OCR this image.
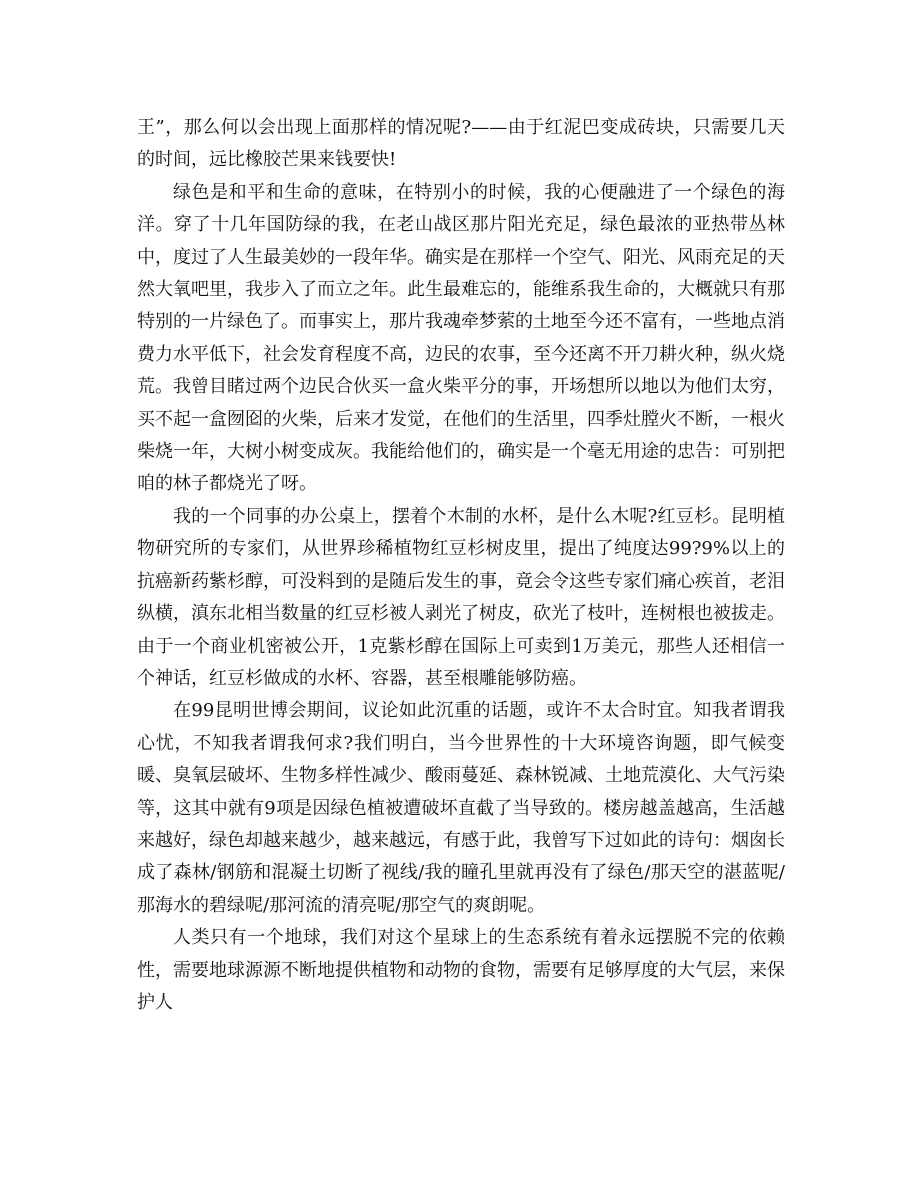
王”，那么何以会出现上面那样的情况呢?——由于红泥巴变成砖块，只需要几天的时间，远比橡胶芒果来钱要快!

绿色是和平和生命的意味，在特别小的时候，我的心便融进了一个绿色的海洋。穿了十几年国防绿的我，在老山战区那片阳光充足，绿色最浓的亚热带丛林中，度过了人生最美妙的一段年华。确实是在那样一个空气、阳光、风雨充足的天然大氧吧里，我步入了而立之年。此生最难忘的，能维系我生命的，大概就只有那特别的一片绿色了。而事实上，那片我魂牵梦萦的土地至今还不富有，一些地点消费力水平低下，社会发育程度不高，边民的农事，至今还离不开刀耕火种，纵火烧荒。我曾目睹过两个边民合伙买一盒火柴平分的事，开场想所以地以为他们太穷，买不起一盒囫囵的火柴，后来才发觉，在他们的生活里，四季灶膛火不断，一根火柴烧一年，大树小树变成灰。我能给他们的，确实是一个毫无用途的忠告：可别把咱的林子都烧光了呀。

我的一个同事的办公桌上，摆着个木制的水杯，是什么木呢?红豆杉。昆明植物研究所的专家们，从世界珍稀植物红豆杉树皮里，提出了纯度达99?9%以上的抗癌新药紫杉醇，可没料到的是随后发生的事，竟会令这些专家们痛心疾首，老泪纵横，滇东北相当数量的红豆杉被人剥光了树皮，砍光了枝叶，连树根也被拔走。由于一个商业机密被公开，1克紫杉醇在国际上可卖到1万美元，那些人还相信一个神话，红豆杉做成的水杯、容器，甚至根雕能够防癌。

在99昆明世博会期间，议论如此沉重的话题，或许不太合时宜。知我者谓我心忧，不知我者谓我何求?我们明白，当今世界性的十大环境咨询题，即气候变暖、臭氧层破坏、生物多样性减少、酸雨蔓延、森林锐减、土地荒漠化、大气污染等，这其中就有9项是因绿色植被遭破坏直截了当导致的。楼房越盖越高，生活越来越好，绿色却越来越少，越来越远，有感于此，我曾写下过如此的诗句：烟囱长成了森林/钢筋和混凝土切断了视线/我的瞳孔里就再没有了绿色/那天空的湛蓝呢/那海水的碧绿呢/那河流的清亮呢/那空气的爽朗呢。

人类只有一个地球，我们对这个星球上的生态系统有着永远摆脱不完的依赖性，需要地球源源不断地提供植物和动物的食物，需要有足够厚度的大气层，来保护人
